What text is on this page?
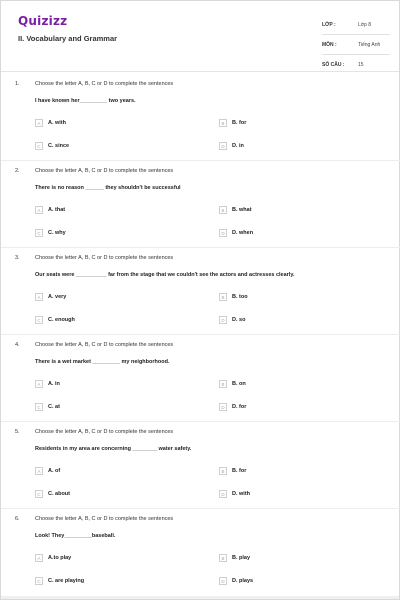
Quizizz
II. Vocabulary and Grammar
LỚP :	Lớp 8
MÔN :	Tiếng Anh
SỐ CÂU :	15
1.	Choose the letter A, B, C or D to complete the sentences
I have known her_________ two years.
A	A. with	B	B. for
C	C. since	D	D. in
2.	Choose the letter A, B, C or D to complete the sentences
There is no reason ______ they shouldn't be successful
A	A. that	B	B. what
C	C. why	D	D. when
3.	Choose the letter A, B, C or D to complete the sentences
Our seats were __________ far from the stage that we couldn't see the actors and actresses clearly.
A	A. very	B	B. too
C	C. enough	D	D. so
4.	Choose the letter A, B, C or D to complete the sentences
There is a wet market _________ my neighborhood.
A	A. in	B	B. on
C	C. at	D	D. for
5.	Choose the letter A, B, C or D to complete the sentences
Residents in my area are concerning ________ water safety.
A	A. of	B	B. for
C	C. about	D	D. with
6.	Choose the letter A, B, C or D to complete the sentences
Look! They_________baseball.
A	A.to play	B	B. play
C	C. are playing	D	D. plays
